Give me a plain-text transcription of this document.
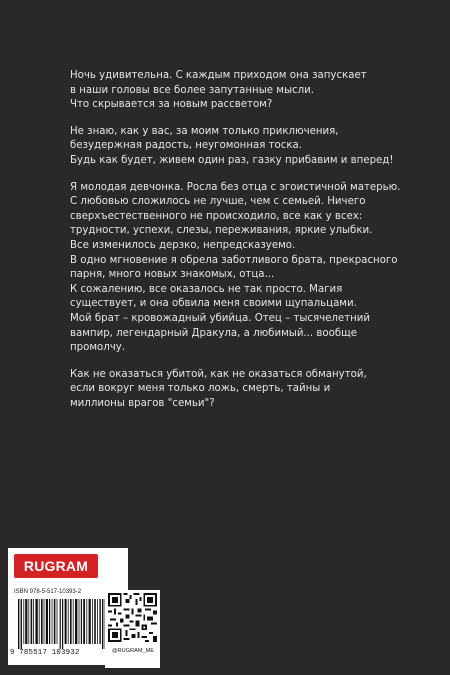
Ночь удивительна. С каждым приходом она запускает
в наши головы все более запутанные мысли.
Что скрывается за новым рассветом?

Не знаю, как у вас, за моим только приключения,
безудержная радость, неугомонная тоска.
Будь как будет, живем один раз, газку прибавим и вперед!

Я молодая девчонка. Росла без отца с эгоистичной матерью.
С любовью сложилось не лучше, чем с семьей. Ничего
сверхъестественного не происходило, все как у всех:
трудности, успехи, слезы, переживания, яркие улыбки.
Все изменилось дерзко, непредсказуемо.
В одно мгновение я обрела заботливого брата, прекрасного
парня, много новых знакомых, отца...
К сожалению, все оказалось не так просто. Магия
существует, и она обвила меня своими щупальцами.
Мой брат – кровожадный убийца. Отец – тысячелетний
вампир, легендарный Дракула, а любимый... вообще
промолчу.

Как не оказаться убитой, как не оказаться обманутой,
если вокруг меня только ложь, смерть, тайны и
миллионы врагов "семьи"?

RUGRAM
ISBN 978-5-517-10393-2
9 785517 103932	@RUGRAM_ME
